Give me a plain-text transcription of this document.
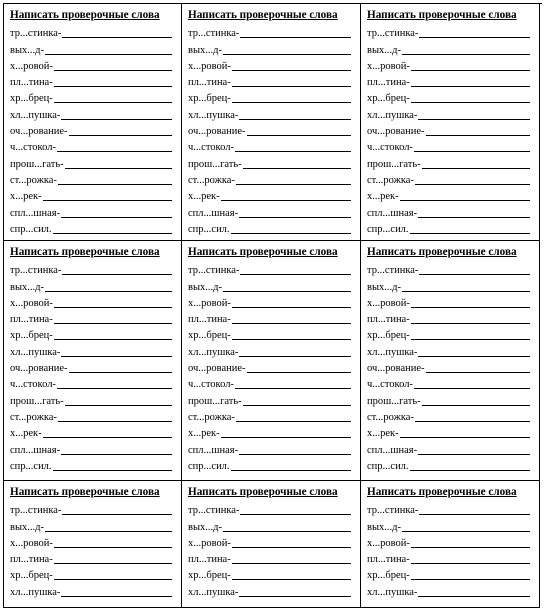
Написать проверочные слова
тр...стинка-
вых...д-
х...ровой-
пл...тина-
хр...брец-
хл...пушка-
оч...рование-
ч...стокол-
прош...гать-
ст...рожка-
х...рек-
спл...шная-
спр...сил.
Написать проверочные слова
тр...стинка-
вых...д-
х...ровой-
пл...тина-
хр...брец-
хл...пушка-
оч...рование-
ч...стокол-
прош...гать-
ст...рожка-
х...рек-
спл...шная-
спр...сил.
Написать проверочные слова
тр...стинка-
вых...д-
х...ровой-
пл...тина-
хр...брец-
хл...пушка-
оч...рование-
ч...стокол-
прош...гать-
ст...рожка-
х...рек-
спл...шная-
спр...сил.
Написать проверочные слова
тр...стинка-
вых...д-
х...ровой-
пл...тина-
хр...брец-
хл...пушка-
оч...рование-
ч...стокол-
прош...гать-
ст...рожка-
х...рек-
спл...шная-
спр...сил.
Написать проверочные слова
тр...стинка-
вых...д-
х...ровой-
пл...тина-
хр...брец-
хл...пушка-
оч...рование-
ч...стокол-
прош...гать-
ст...рожка-
х...рек-
спл...шная-
спр...сил.
Написать проверочные слова
тр...стинка-
вых...д-
х...ровой-
пл...тина-
хр...брец-
хл...пушка-
оч...рование-
ч...стокол-
прош...гать-
ст...рожка-
х...рек-
спл...шная-
спр...сил.
Написать проверочные слова
тр...стинка-
вых...д-
х...ровой-
пл...тина-
хр...брец-
хл...пушка-
Написать проверочные слова
тр...стинка-
вых...д-
х...ровой-
пл...тина-
хр...брец-
хл...пушка-
Написать проверочные слова
тр...стинка-
вых...д-
х...ровой-
пл...тина-
хр...брец-
хл...пушка-
